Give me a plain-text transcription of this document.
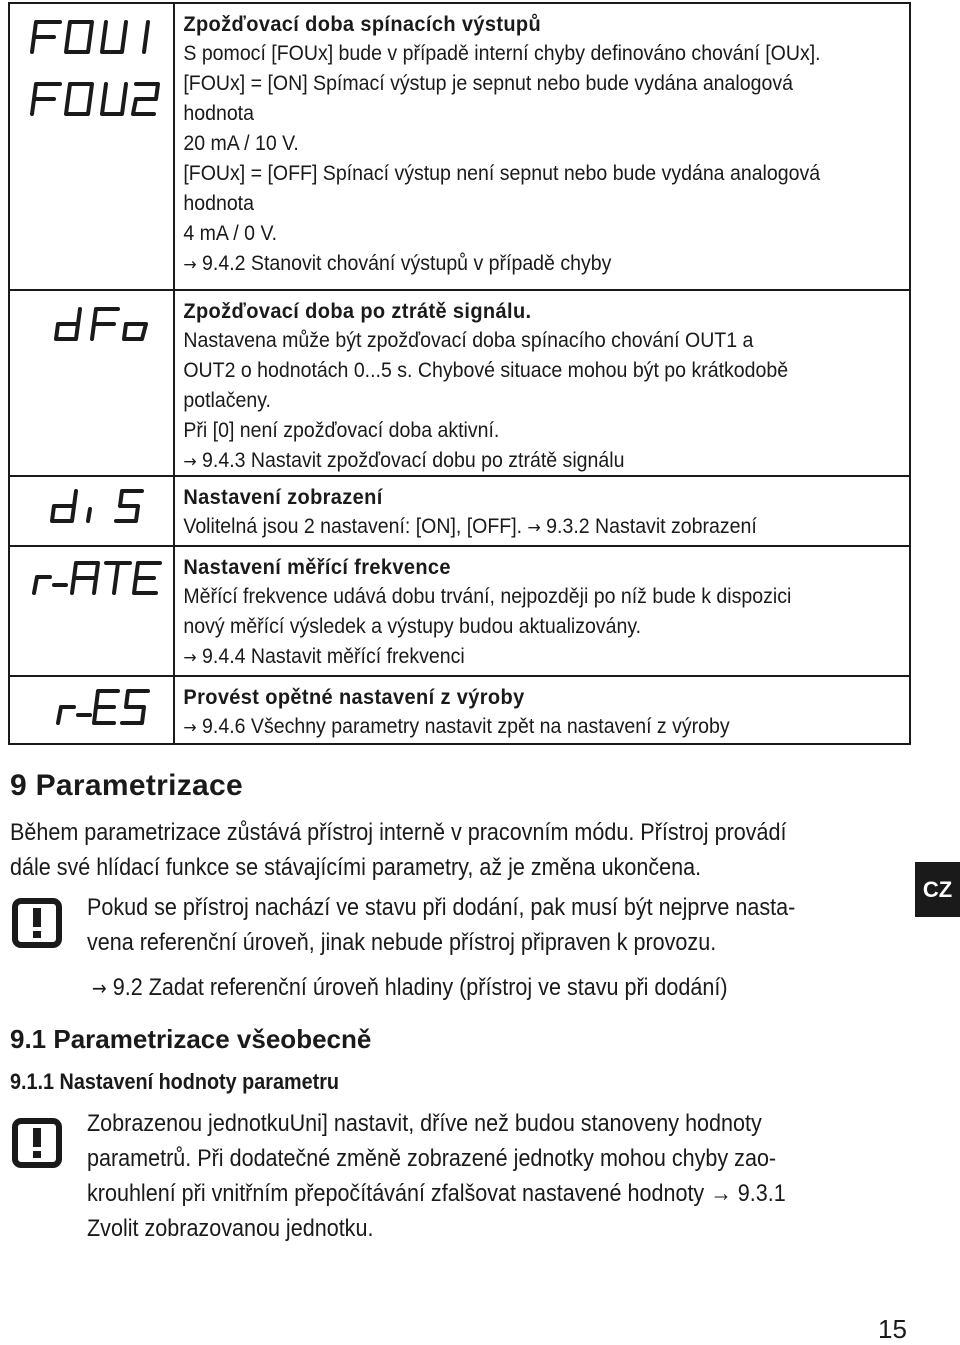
Zpožďovací doba spínacích výstupů
S pomocí [FOUx] bude v případě interní chyby definováno chování [OUx].
[FOUx] = [ON] Spímací výstup je sepnut nebo bude vydána analogová
hodnota
20 mA / 10 V.
[FOUx] = [OFF] Spínací výstup není sepnut nebo bude vydána analogová
hodnota
4 mA / 0 V.
→ 9.4.2 Stanovit chování výstupů v případě chyby
Zpožďovací doba po ztrátě signálu.
Nastavena může být zpožďovací doba spínacího chování OUT1 a
OUT2 o hodnotách 0...5 s. Chybové situace mohou být po krátkodobě
potlačeny.
Při [0] není zpožďovací doba aktivní.
→ 9.4.3 Nastavit zpožďovací dobu po ztrátě signálu
Nastavení zobrazení
Volitelná jsou 2 nastavení: [ON], [OFF]. → 9.3.2 Nastavit zobrazení
Nastavení měřící frekvence
Měřící frekvence udává dobu trvání, nejpozději po níž bude k dispozici
nový měřící výsledek a výstupy budou aktualizovány.
→ 9.4.4 Nastavit měřící frekvenci
Provést opětné nastavení z výroby
→ 9.4.6 Všechny parametry nastavit zpět na nastavení z výroby
9 Parametrizace
Během parametrizace zůstává přístroj interně v pracovním módu. Přístroj provádí
dále své hlídací funkce se stávajícími parametry, až je změna ukončena.
Pokud se přístroj nachází ve stavu při dodání, pak musí být nejprve nasta-
vena referenční úroveň, jinak nebude přístroj připraven k provozu.
→ 9.2 Zadat referenční úroveň hladiny (přístroj ve stavu při dodání)
9.1 Parametrizace všeobecně
9.1.1 Nastavení hodnoty parametru
Zobrazenou jednotkuUni] nastavit, dříve než budou stanoveny hodnoty
parametrů. Při dodatečné změně zobrazené jednotky mohou chyby zao-
krouhlení při vnitřním přepočítávání zfalšovat nastavené hodnoty → 9.3.1
Zvolit zobrazovanou jednotku.
CZ
15
